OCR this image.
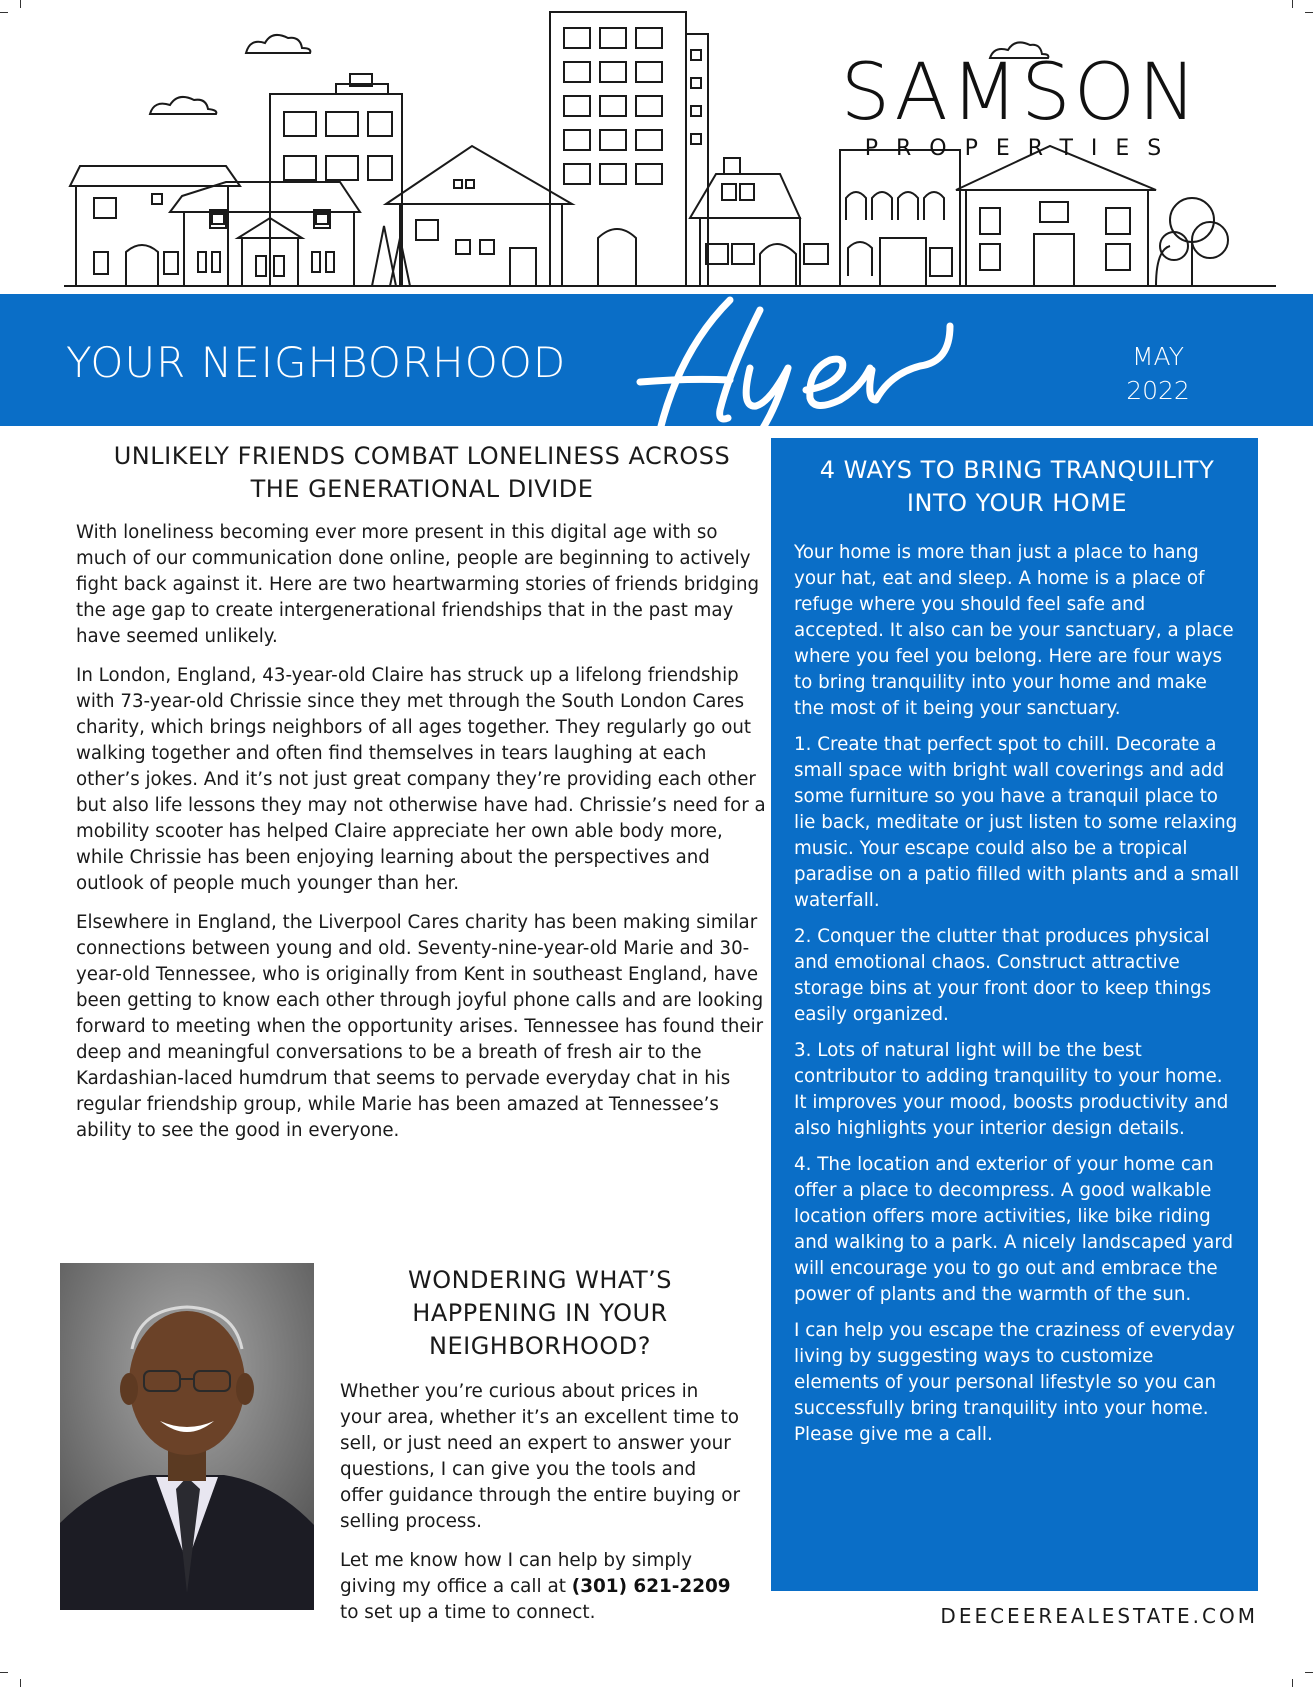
SAMSON
PROPERTIES
YOUR NEIGHBORHOOD	MAY
2022
UNLIKELY FRIENDS COMBAT LONELINESS ACROSS THE GENERATIONAL DIVIDE

With loneliness becoming ever more present in this digital age with so much of our communication done online, people are beginning to actively fight back against it. Here are two heartwarming stories of friends bridging the age gap to create intergenerational friendships that in the past may have seemed unlikely.

In London, England, 43-year-old Claire has struck up a lifelong friendship with 73-year-old Chrissie since they met through the South London Cares charity, which brings neighbors of all ages together. They regularly go out walking together and often find themselves in tears laughing at each other’s jokes. And it’s not just great company they’re providing each other but also life lessons they may not otherwise have had. Chrissie’s need for a mobility scooter has helped Claire appreciate her own able body more, while Chrissie has been enjoying learning about the perspectives and outlook of people much younger than her.

Elsewhere in England, the Liverpool Cares charity has been making similar connections between young and old. Seventy-nine-year-old Marie and 30-year-old Tennessee, who is originally from Kent in southeast England, have been getting to know each other through joyful phone calls and are looking forward to meeting when the opportunity arises. Tennessee has found their deep and meaningful conversations to be a breath of fresh air to the Kardashian-laced humdrum that seems to pervade everyday chat in his regular friendship group, while Marie has been amazed at Tennessee’s ability to see the good in everyone.

WONDERING WHAT’S HAPPENING IN YOUR NEIGHBORHOOD?

Whether you’re curious about prices in your area, whether it’s an excellent time to sell, or just need an expert to answer your questions, I can give you the tools and offer guidance through the entire buying or selling process.

Let me know how I can help by simply giving my office a call at (301) 621-2209 to set up a time to connect.

4 WAYS TO BRING TRANQUILITY INTO YOUR HOME

Your home is more than just a place to hang your hat, eat and sleep. A home is a place of refuge where you should feel safe and accepted. It also can be your sanctuary, a place where you feel you belong. Here are four ways to bring tranquility into your home and make the most of it being your sanctuary.

1. Create that perfect spot to chill. Decorate a small space with bright wall coverings and add some furniture so you have a tranquil place to lie back, meditate or just listen to some relaxing music. Your escape could also be a tropical paradise on a patio filled with plants and a small waterfall.

2. Conquer the clutter that produces physical and emotional chaos. Construct attractive storage bins at your front door to keep things easily organized.

3. Lots of natural light will be the best contributor to adding tranquility to your home. It improves your mood, boosts productivity and also highlights your interior design details.

4. The location and exterior of your home can offer a place to decompress. A good walkable location offers more activities, like bike riding and walking to a park. A nicely landscaped yard will encourage you to go out and embrace the power of plants and the warmth of the sun.

I can help you escape the craziness of everyday living by suggesting ways to customize elements of your personal lifestyle so you can successfully bring tranquility into your home. Please give me a call.

DEECEEREALESTATE.COM
